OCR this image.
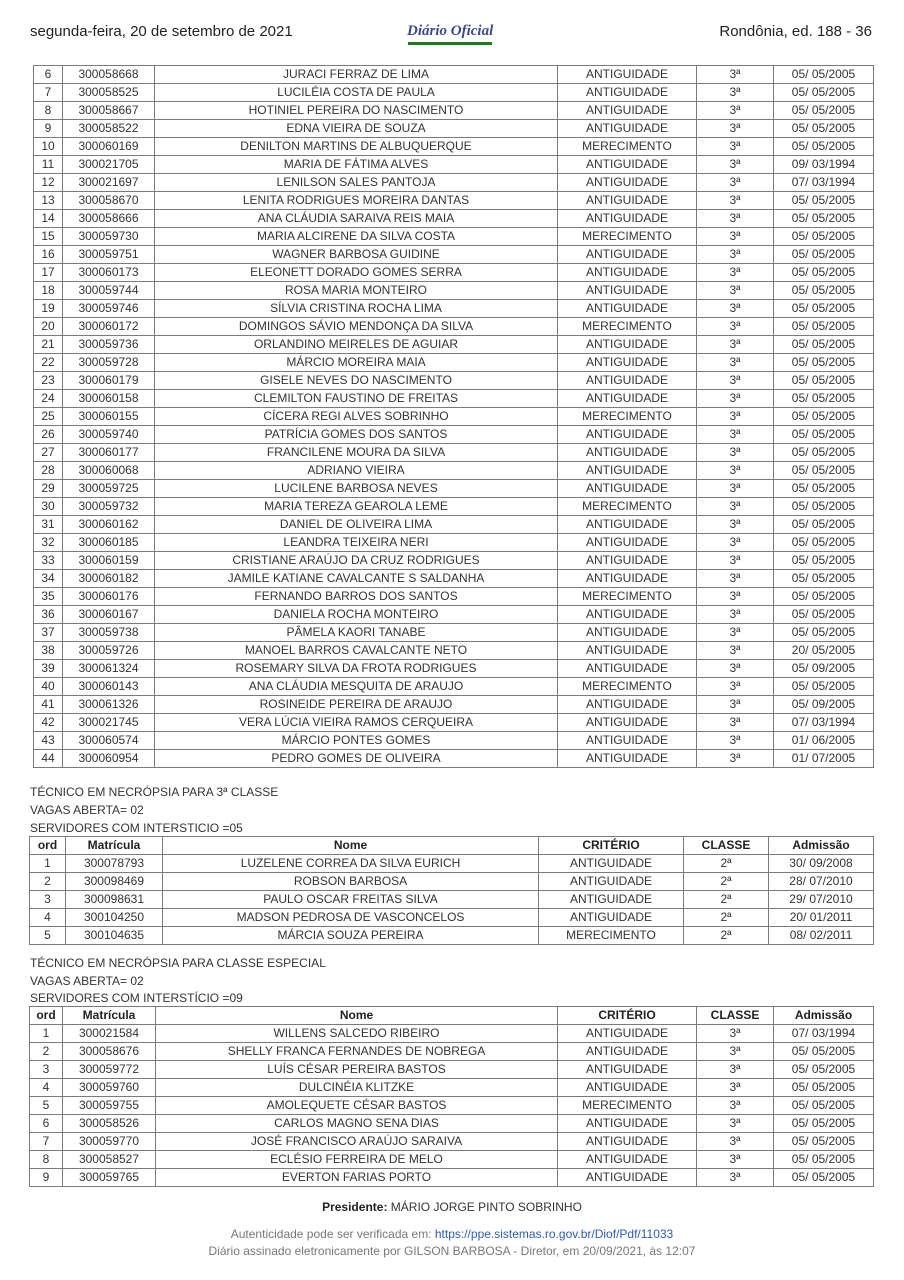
segunda-feira, 20 de setembro de 2021	Diário Oficial	Rondônia, ed. 188 - 36
6	300058668	JURACI FERRAZ DE LIMA	ANTIGUIDADE	3ª	05/ 05/2005
7	300058525	LUCILÉIA COSTA DE PAULA	ANTIGUIDADE	3ª	05/ 05/2005
8	300058667	HOTINIEL PEREIRA DO NASCIMENTO	ANTIGUIDADE	3ª	05/ 05/2005
9	300058522	EDNA VIEIRA DE SOUZA	ANTIGUIDADE	3ª	05/ 05/2005
10	300060169	DENILTON MARTINS DE ALBUQUERQUE	MERECIMENTO	3ª	05/ 05/2005
11	300021705	MARIA DE FÁTIMA ALVES	ANTIGUIDADE	3ª	09/ 03/1994
12	300021697	LENILSON SALES PANTOJA	ANTIGUIDADE	3ª	07/ 03/1994
13	300058670	LENITA RODRIGUES MOREIRA DANTAS	ANTIGUIDADE	3ª	05/ 05/2005
14	300058666	ANA CLÁUDIA SARAIVA REIS MAIA	ANTIGUIDADE	3ª	05/ 05/2005
15	300059730	MARIA ALCIRENE DA SILVA COSTA	MERECIMENTO	3ª	05/ 05/2005
16	300059751	WAGNER BARBOSA GUIDINE	ANTIGUIDADE	3ª	05/ 05/2005
17	300060173	ELEONETT DORADO GOMES SERRA	ANTIGUIDADE	3ª	05/ 05/2005
18	300059744	ROSA MARIA MONTEIRO	ANTIGUIDADE	3ª	05/ 05/2005
19	300059746	SÍLVIA CRISTINA ROCHA LIMA	ANTIGUIDADE	3ª	05/ 05/2005
20	300060172	DOMINGOS SÁVIO MENDONÇA DA SILVA	MERECIMENTO	3ª	05/ 05/2005
21	300059736	ORLANDINO MEIRELES DE AGUIAR	ANTIGUIDADE	3ª	05/ 05/2005
22	300059728	MÁRCIO MOREIRA MAIA	ANTIGUIDADE	3ª	05/ 05/2005
23	300060179	GISELE NEVES DO NASCIMENTO	ANTIGUIDADE	3ª	05/ 05/2005
24	300060158	CLEMILTON FAUSTINO DE FREITAS	ANTIGUIDADE	3ª	05/ 05/2005
25	300060155	CÍCERA REGI ALVES SOBRINHO	MERECIMENTO	3ª	05/ 05/2005
26	300059740	PATRÍCIA GOMES DOS SANTOS	ANTIGUIDADE	3ª	05/ 05/2005
27	300060177	FRANCILENE MOURA DA SILVA	ANTIGUIDADE	3ª	05/ 05/2005
28	300060068	ADRIANO VIEIRA	ANTIGUIDADE	3ª	05/ 05/2005
29	300059725	LUCILENE BARBOSA NEVES	ANTIGUIDADE	3ª	05/ 05/2005
30	300059732	MARIA TEREZA GEAROLA LEME	MERECIMENTO	3ª	05/ 05/2005
31	300060162	DANIEL DE OLIVEIRA LIMA	ANTIGUIDADE	3ª	05/ 05/2005
32	300060185	LEANDRA TEIXEIRA NERI	ANTIGUIDADE	3ª	05/ 05/2005
33	300060159	CRISTIANE ARAÚJO DA CRUZ RODRIGUES	ANTIGUIDADE	3ª	05/ 05/2005
34	300060182	JAMILE KATIANE CAVALCANTE S SALDANHA	ANTIGUIDADE	3ª	05/ 05/2005
35	300060176	FERNANDO BARROS DOS SANTOS	MERECIMENTO	3ª	05/ 05/2005
36	300060167	DANIELA ROCHA MONTEIRO	ANTIGUIDADE	3ª	05/ 05/2005
37	300059738	PÂMELA KAORI TANABE	ANTIGUIDADE	3ª	05/ 05/2005
38	300059726	MANOEL BARROS CAVALCANTE NETO	ANTIGUIDADE	3ª	20/ 05/2005
39	300061324	ROSEMARY SILVA DA FROTA RODRIGUES	ANTIGUIDADE	3ª	05/ 09/2005
40	300060143	ANA CLÁUDIA MESQUITA DE ARAUJO	MERECIMENTO	3ª	05/ 05/2005
41	300061326	ROSINEIDE PEREIRA DE ARAUJO	ANTIGUIDADE	3ª	05/ 09/2005
42	300021745	VERA LÚCIA VIEIRA RAMOS CERQUEIRA	ANTIGUIDADE	3ª	07/ 03/1994
43	300060574	MÁRCIO PONTES GOMES	ANTIGUIDADE	3ª	01/ 06/2005
44	300060954	PEDRO GOMES DE OLIVEIRA	ANTIGUIDADE	3ª	01/ 07/2005
TÉCNICO EM NECRÓPSIA PARA 3ª CLASSE
VAGAS ABERTA= 02
SERVIDORES COM INTERSTICIO =05
ord	Matrícula	Nome	CRITÉRIO	CLASSE	Admissão
1	300078793	LUZELENE CORREA DA SILVA EURICH	ANTIGUIDADE	2ª	30/ 09/2008
2	300098469	ROBSON BARBOSA	ANTIGUIDADE	2ª	28/ 07/2010
3	300098631	PAULO OSCAR FREITAS SILVA	ANTIGUIDADE	2ª	29/ 07/2010
4	300104250	MADSON PEDROSA DE VASCONCELOS	ANTIGUIDADE	2ª	20/ 01/2011
5	300104635	MÁRCIA SOUZA PEREIRA	MERECIMENTO	2ª	08/ 02/2011
TÉCNICO EM NECRÓPSIA PARA CLASSE ESPECIAL
VAGAS ABERTA= 02
SERVIDORES COM INTERSTÍCIO =09
ord	Matrícula	Nome	CRITÉRIO	CLASSE	Admissão
1	300021584	WILLENS SALCEDO RIBEIRO	ANTIGUIDADE	3ª	07/ 03/1994
2	300058676	SHELLY FRANCA FERNANDES DE NOBREGA	ANTIGUIDADE	3ª	05/ 05/2005
3	300059772	LUÍS CÉSAR PEREIRA BASTOS	ANTIGUIDADE	3ª	05/ 05/2005
4	300059760	DULCINÉIA KLITZKE	ANTIGUIDADE	3ª	05/ 05/2005
5	300059755	AMOLEQUETE CÉSAR BASTOS	MERECIMENTO	3ª	05/ 05/2005
6	300058526	CARLOS MAGNO SENA DIAS	ANTIGUIDADE	3ª	05/ 05/2005
7	300059770	JOSÉ FRANCISCO ARAÚJO SARAIVA	ANTIGUIDADE	3ª	05/ 05/2005
8	300058527	ECLÉSIO FERREIRA DE MELO	ANTIGUIDADE	3ª	05/ 05/2005
9	300059765	EVERTON FARIAS PORTO	ANTIGUIDADE	3ª	05/ 05/2005
Presidente: MÁRIO JORGE PINTO SOBRINHO
Autenticidade pode ser verificada em: https://ppe.sistemas.ro.gov.br/Diof/Pdf/11033
Diário assinado eletronicamente por GILSON BARBOSA - Diretor, em 20/09/2021, às 12:07
